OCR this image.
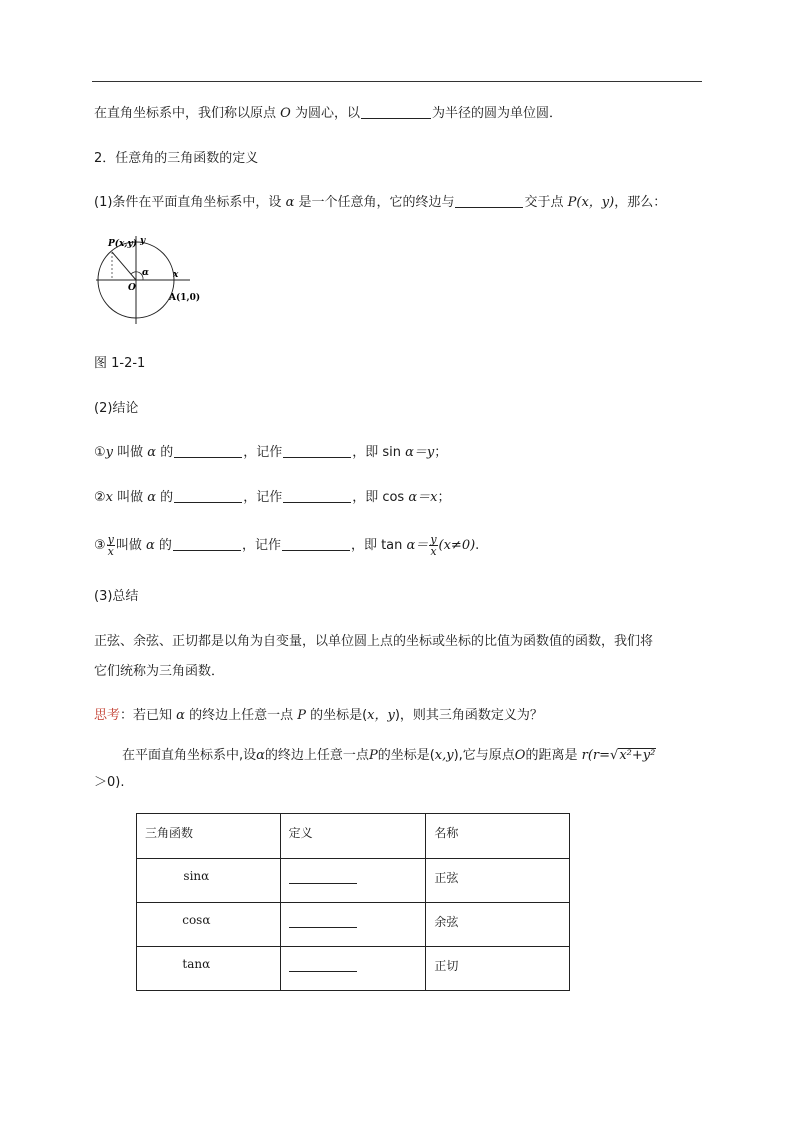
在直角坐标系中，我们称以原点 O 为圆心，以	为半径的圆为单位圆．
2．任意角的三角函数的定义
(1)条件在平面直角坐标系中，设 α 是一个任意角，它的终边与	交于点 P(x，y)，那么：
P(x,y) y
x
O
α
A(1,0)
图 1-2-1
(2)结论
①y 叫做 α 的	，记作	，即 sin α＝y；
②x 叫做 α 的	，记作	，即 cos α＝x；
③ $\frac{y}{x}$ 叫做 α 的	，记作	，即 $\tan \alpha= \frac{y}{x} (x\ne 0)$.
(3)总结
正弦、余弦、正切都是以角为自变量，以单位圆上点的坐标或坐标的比值为函数值的函数，我们将
它们统称为三角函数．
思考：若已知 α 的终边上任意一点 P 的坐标是(x，y)，则其三角函数定义为？
在平面直角坐标系中,设α的终边上任意一点P的坐标是(x,y),它与原点O的距离是 r(r=√x²+y²
＞0).
三角函数	定义	名称
sinα		正弦
cosα		余弦
tanα		正切
